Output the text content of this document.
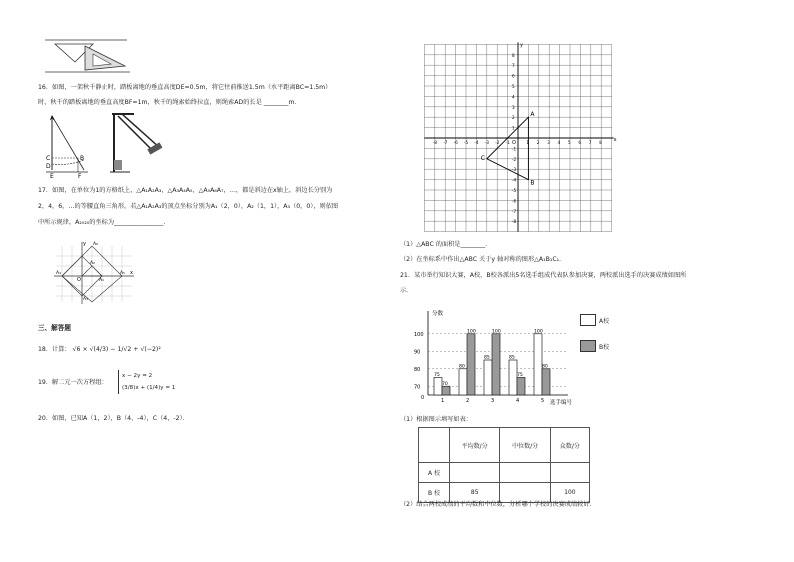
16．如图，一架秋千静止时，踏板离地的垂直高度DE=0.5m，将它往前推送1.5m（水平距离BC=1.5m）
时，秋千的踏板离地的垂直高度BF=1m，秋千的绳索始终拉直，则绳索AD的长是 ________m．
A
C	B
D
F
E
17．如图，在单位为1的方格纸上，△A₁A₂A₃，△A₃A₄A₅，△A₅A₆A₇，…，都是斜边在x轴上，斜边长分别为
2，4，6，…的等腰直角三角形，若△A₁A₂A₃的顶点坐标分别为A₁（2，0），A₂（1，1），A₃（0，0），则依图
中所示规律，A₂₀₂₀的坐标为________________．
y A₆
A₂
A₄
O	A₁
A₅ x
A₃
三、解答题
18．计算： √6 × √(4/3) − 1/√2 + √(−2)²
19．解二元一次方程组：
x − 2y = 2
(3/8)x + (1/4)y = 1
20．如图，已知A（1，2），B（4，-4），C（4，-2）．
x
y
O
-8 -7 -6 -5 -4 -3 -2 -1	1 2 3 4 5 6 7 8
8
7
6
5
4
3
2
1
-1
-2
-3
-4
-5
-6
-7
-8
A
B
C
（1）△ABC 的面积是________．
（2）在坐标系中作出△ABC 关于y 轴对称的图形△A₁B₁C₁．
21．某市举行知识大赛，A校，B校各派出5名选手组成代表队参加决赛，两校派出选手的决赛成绩如图所
示．
分数
选手编号
0
70
80
90
100
1
75
70
2
80
100
3
85
100
4
85
75
5
100
80
A校
B校
（1）根据图示填写如表：
	平均数/分	中位数/分	众数/分
A 校			
B 校	85		100
（2）结合两校成绩的平均数和中位数，分析哪个学校的决赛成绩较好．
